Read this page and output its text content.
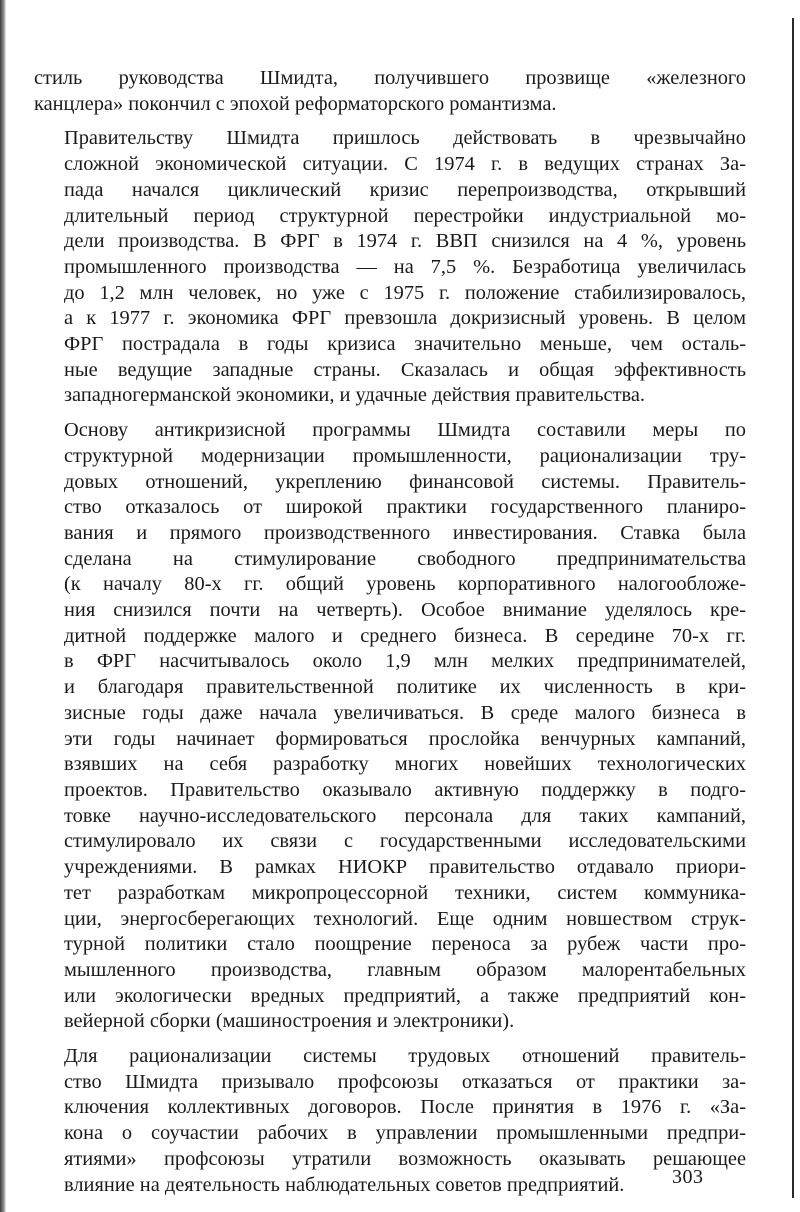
стиль руководства Шмидта, получившего прозвище «железного
канцлера» покончил с эпохой реформаторского романтизма.

Правительству Шмидта пришлось действовать в чрезвычайно
сложной экономической ситуации. С 1974 г. в ведущих странах За-
пада начался циклический кризис перепроизводства, открывший
длительный период структурной перестройки индустриальной мо-
дели производства. В ФРГ в 1974 г. ВВП снизился на 4 %, уровень
промышленного производства — на 7,5 %. Безработица увеличилась
до 1,2 млн человек, но уже с 1975 г. положение стабилизировалось,
а к 1977 г. экономика ФРГ превзошла докризисный уровень. В целом
ФРГ пострадала в годы кризиса значительно меньше, чем осталь-
ные ведущие западные страны. Сказалась и общая эффективность
западногерманской экономики, и удачные действия правительства.

Основу антикризисной программы Шмидта составили меры по
структурной модернизации промышленности, рационализации тру-
довых отношений, укреплению финансовой системы. Правитель-
ство отказалось от широкой практики государственного планиро-
вания и прямого производственного инвестирования. Ставка была
сделана на стимулирование свободного предпринимательства
(к началу 80-х гг. общий уровень корпоративного налогообложе-
ния снизился почти на четверть). Особое внимание уделялось кре-
дитной поддержке малого и среднего бизнеса. В середине 70-х гг.
в ФРГ насчитывалось около 1,9 млн мелких предпринимателей,
и благодаря правительственной политике их численность в кри-
зисные годы даже начала увеличиваться. В среде малого бизнеса в
эти годы начинает формироваться прослойка венчурных кампаний,
взявших на себя разработку многих новейших технологических
проектов. Правительство оказывало активную поддержку в подго-
товке научно-исследовательского персонала для таких кампаний,
стимулировало их связи с государственными исследовательскими
учреждениями. В рамках НИОКР правительство отдавало приори-
тет разработкам микропроцессорной техники, систем коммуника-
ции, энергосберегающих технологий. Еще одним новшеством струк-
турной политики стало поощрение переноса за рубеж части про-
мышленного производства, главным образом малорентабельных
или экологически вредных предприятий, а также предприятий кон-
вейерной сборки (машиностроения и электроники).

Для рационализации системы трудовых отношений правитель-
ство Шмидта призывало профсоюзы отказаться от практики за-
ключения коллективных договоров. После принятия в 1976 г. «За-
кона о соучастии рабочих в управлении промышленными предпри-
ятиями» профсоюзы утратили возможность оказывать решающее
влияние на деятельность наблюдательных советов предприятий.	303
